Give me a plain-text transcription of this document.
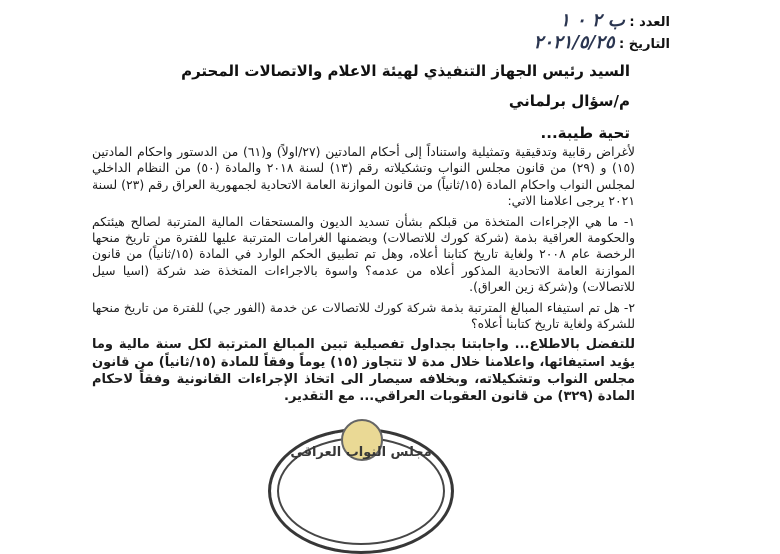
العدد : ب ٢ ٠ ١
التاريخ : ٢٠٢١/٥/٢٥
السيد رئيس الجهاز التنفيذي لهيئة الاعلام والاتصالات المحترم
م/سؤال برلماني
تحية طيبة...

لأغراض رقابية وتدقيقية وتمثيلية واستناداً إلى أحكام المادتين (٢٧/اولاً) و(٦١) من الدستور واحكام المادتين (١٥) و (٢٩) من قانون مجلس النواب وتشكيلاته رقم (١٣) لسنة ٢٠١٨ والمادة (٥٠) من النظام الداخلي لمجلس النواب واحكام المادة (١٥/ثانياً) من قانون الموازنة العامة الاتحادية لجمهورية العراق رقم (٢٣) لسنة ٢٠٢١ يرجى اعلامنا الاتي:

١- ما هي الإجراءات المتخذة من قبلكم بشأن تسديد الديون والمستحقات المالية المترتبة لصالح هيئتكم والحكومة العراقية بذمة (شركة كورك للاتصالات) وبضمنها الغرامات المترتبة عليها للفترة من تاريخ منحها الرخصة عام ٢٠٠٨ ولغاية تاريخ كتابنا أعلاه، وهل تم تطبيق الحكم الوارد في المادة (١٥/ثانياً) من قانون الموازنة العامة الاتحادية المذكور أعلاه من عدمه؟ واسوة بالاجراءات المتخذة ضد شركة (اسيا سيل للاتصالات) و(شركة زين العراق).

٢- هل تم استيفاء المبالغ المترتبة بذمة شركة كورك للاتصالات عن خدمة (الفور جي) للفترة من تاريخ منحها للشركة ولغاية تاريخ كتابنا أعلاه؟

للتفضل بالاطلاع... واجابتنا بجداول تفصيلية تبين المبالغ المترتبة لكل سنة مالية وما يؤيد استيفائها، واعلامنا خلال مدة لا تتجاوز (١٥) يوماً وفقاً للمادة (١٥/ثانياً) من قانون مجلس النواب وتشكيلاته، وبخلافه سيصار الى اتخاذ الإجراءات القانونية وفقاً لاحكام المادة (٣٢٩) من قانون العقوبات العراقي... مع التقدير.

مجلس النواب العراقي
